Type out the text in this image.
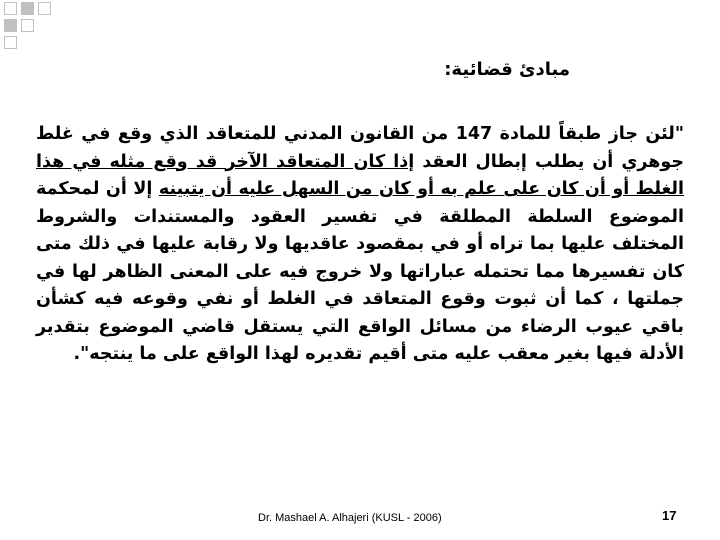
مبادئ قضائية:
"لئن جاز طبقاً للمادة 147 من القانون المدني للمتعاقد الذي وقع في غلط جوهري أن يطلب إبطال العقد إذا كان المتعاقد الآخر قد وقع مثله في هذا الغلط أو أن كان على علم به أو كان من السهل عليه أن يتبينه إلا أن لمحكمة الموضوع السلطة المطلقة في تفسير العقود والمستندات والشروط المختلف عليها بما تراه أو في بمقصود عاقديها ولا رقابة عليها في ذلك متى كان تفسيرها مما تحتمله عباراتها ولا خروج فيه على المعنى الظاهر لها في جملتها ، كما أن ثبوت وقوع المتعاقد في الغلط أو نفي وقوعه فيه كشأن باقي عيوب الرضاء من مسائل الواقع التي يستقل قاضي الموضوع بتقدير الأدلة فيها بغير معقب عليه متى أقيم تقديره لهذا الواقع على ما ينتجه".
Dr. Mashael A. Alhajeri (KUSL - 2006)	17
